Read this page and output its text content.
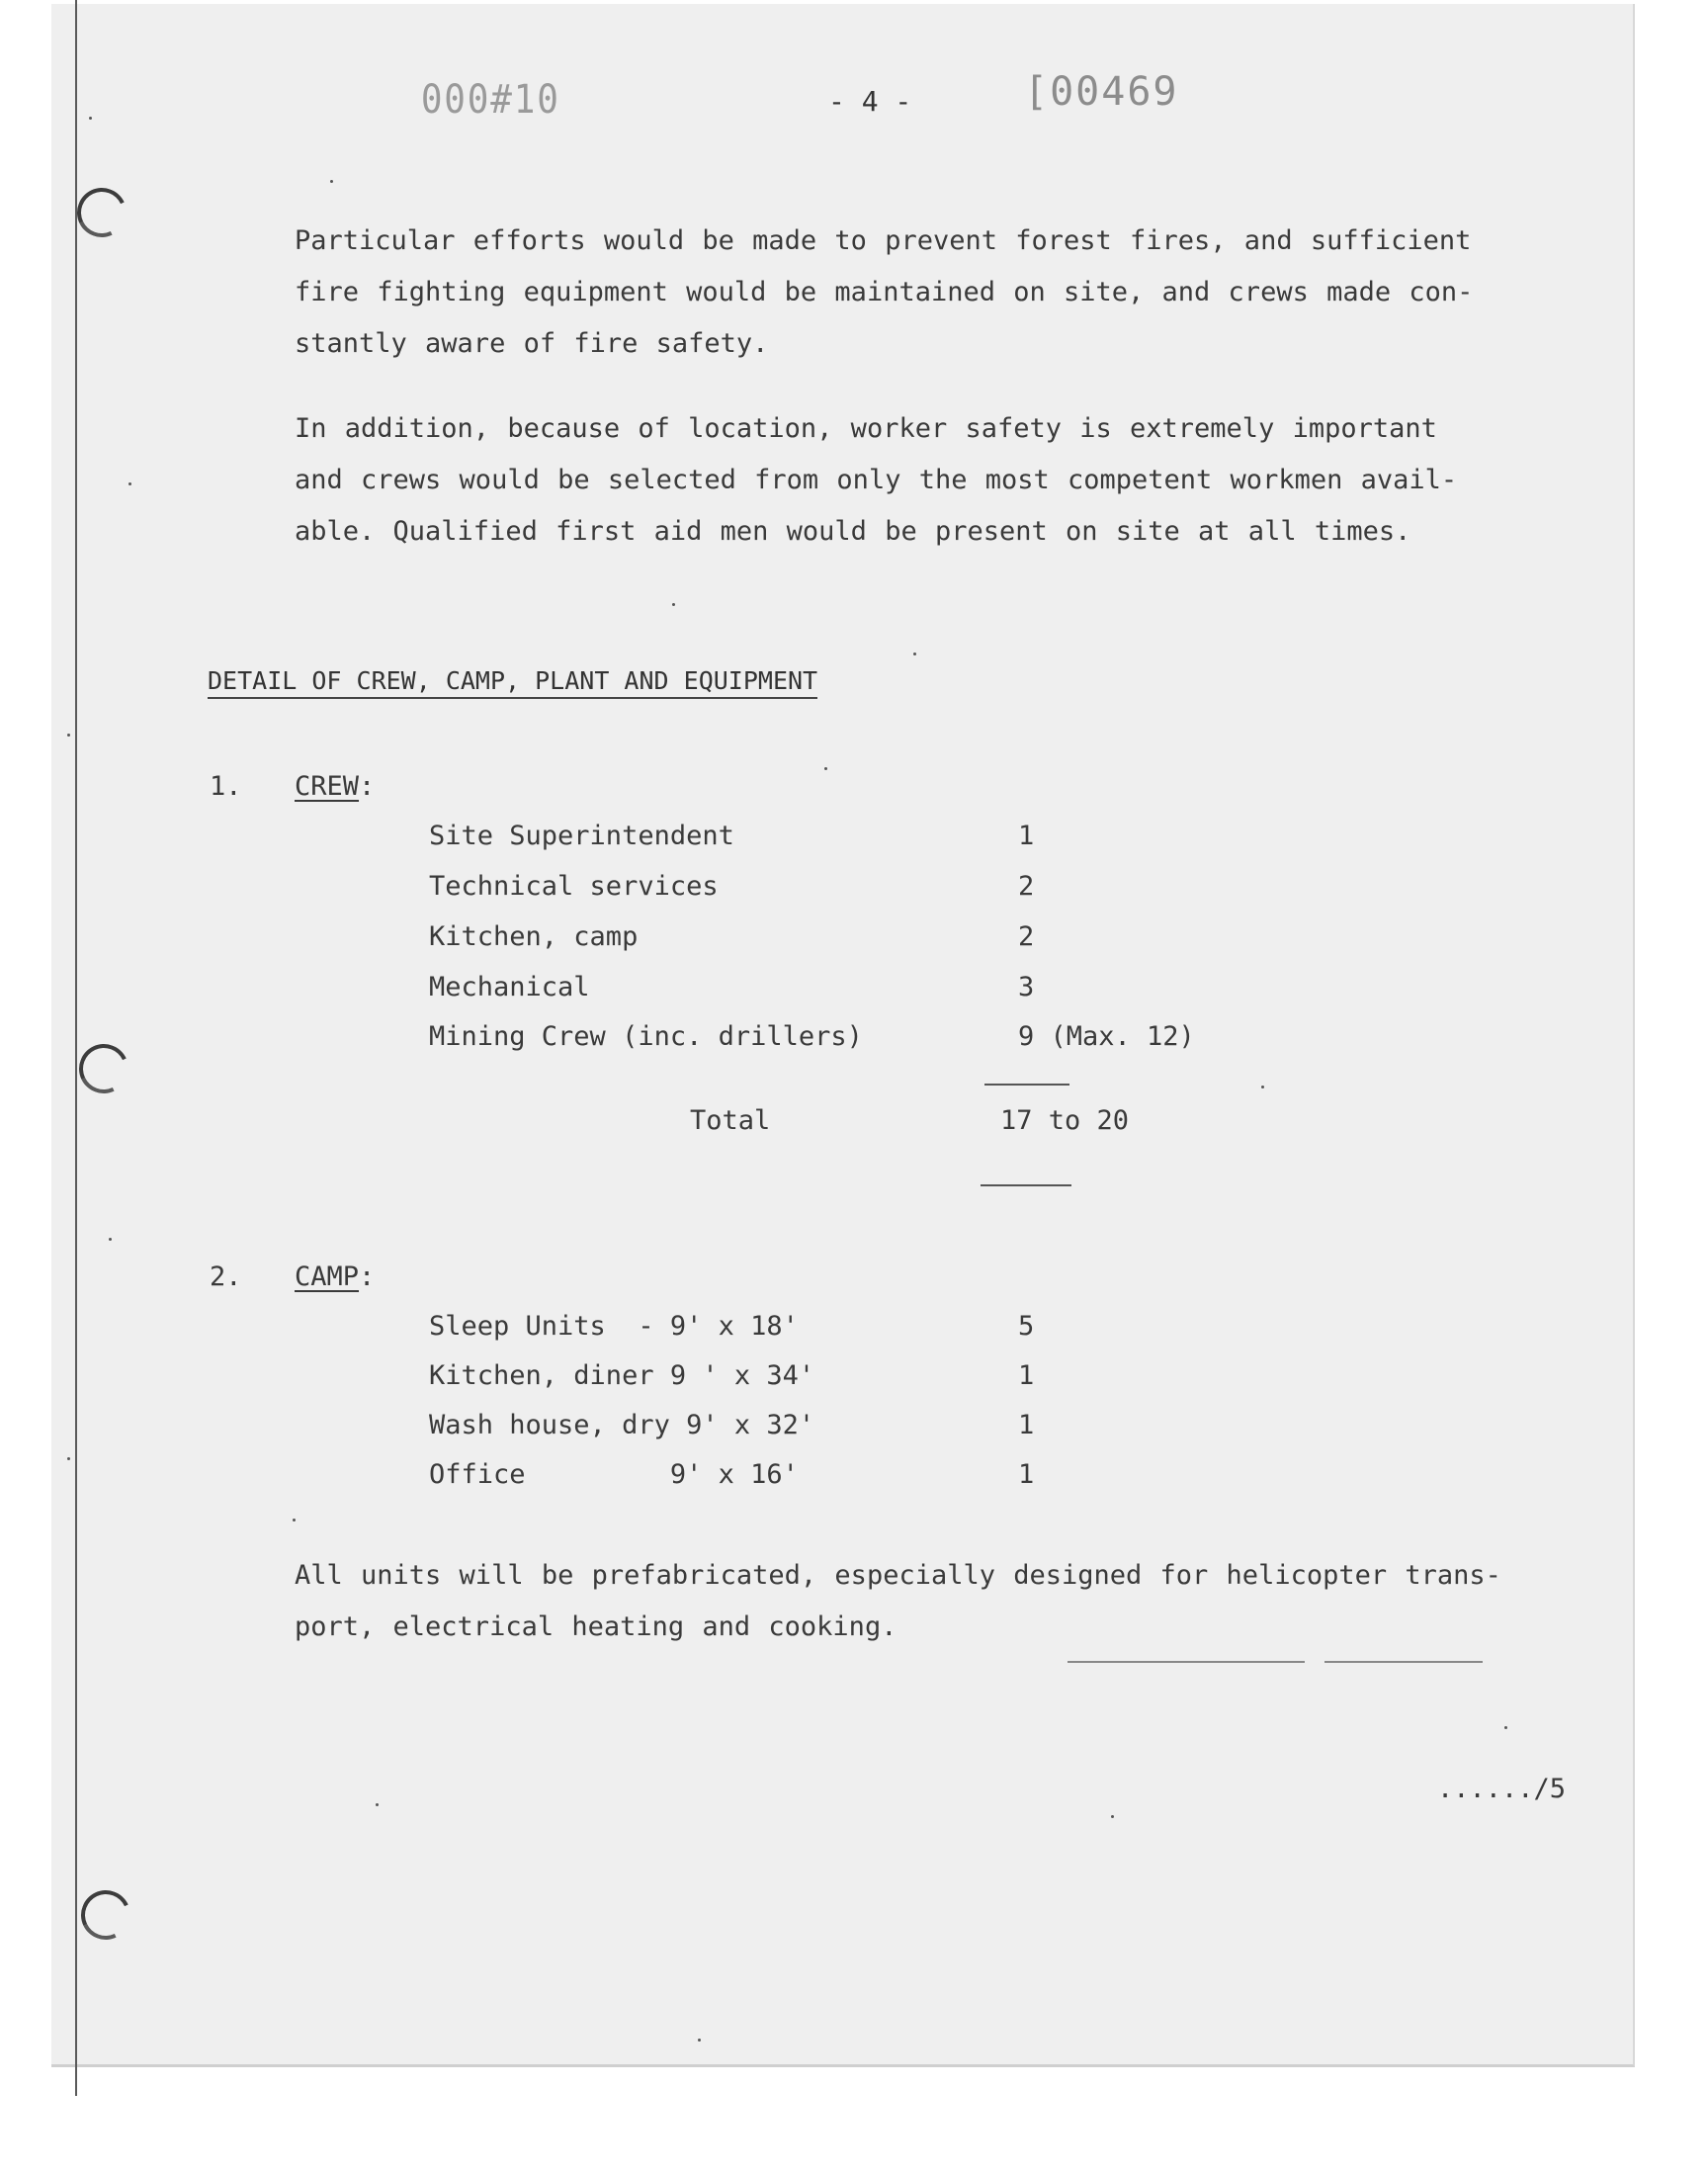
000#10	- 4 -	[00469

Particular efforts would be made to prevent forest fires, and sufficient
fire fighting equipment would be maintained on site, and crews made con-
stantly aware of fire safety.

In addition, because of location, worker safety is extremely important
and crews would be selected from only the most competent workmen avail-
able. Qualified first aid men would be present on site at all times.

DETAIL OF CREW, CAMP, PLANT AND EQUIPMENT
1. CREW:
Site Superintendent	1
Technical services	2
Kitchen, camp	2
Mechanical	3
Mining Crew (inc. drillers)	9 (Max. 12)
Total	17 to 20
2. CAMP:
Sleep Units  - 9' x 18'	5
Kitchen, diner 9 ' x 34'	1
Wash house, dry 9' x 32'	1
Office         9' x 16'	1

All units will be prefabricated, especially designed for helicopter trans-
port, electrical heating and cooking.

....../5
